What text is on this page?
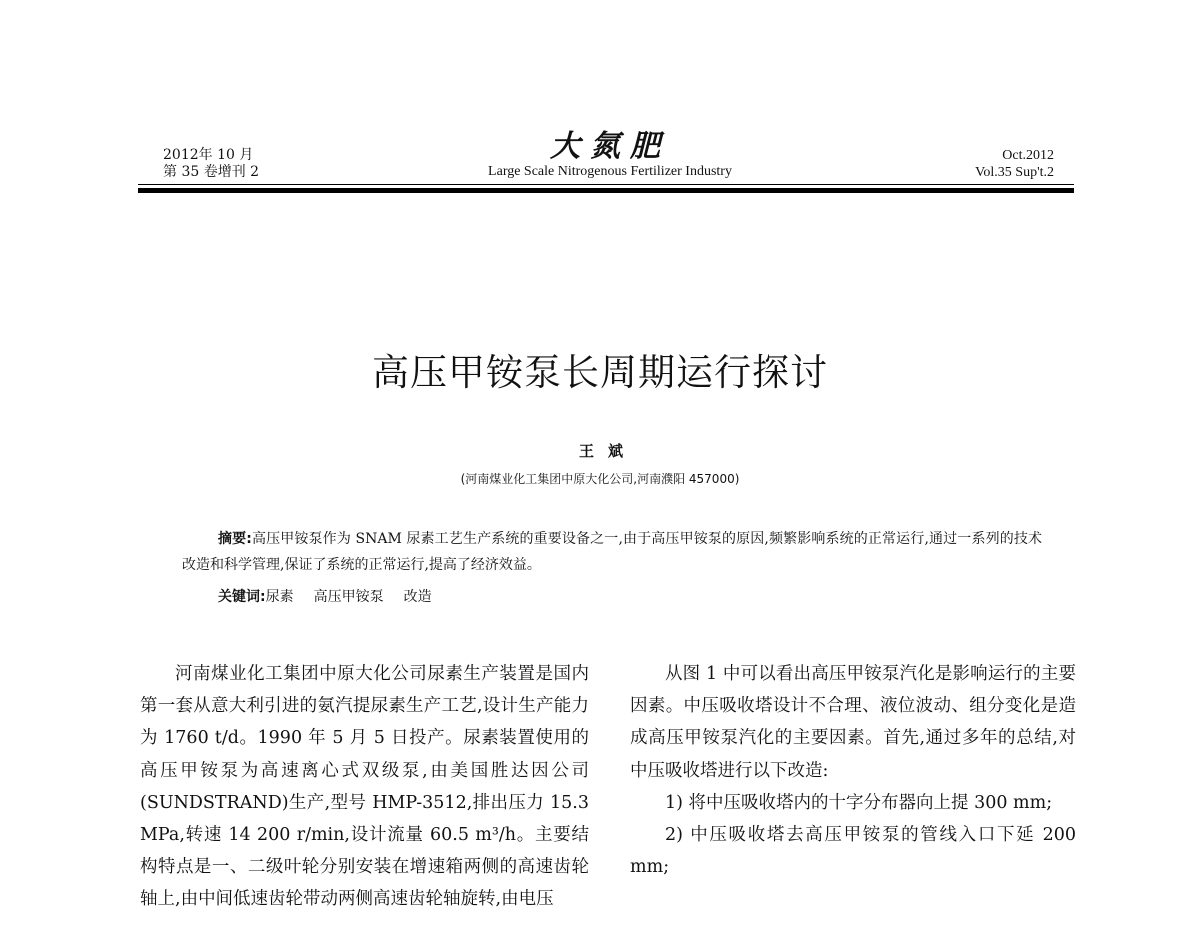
2012年 10 月
第 35 卷增刊 2
大氮肥
Large Scale Nitrogenous Fertilizer Industry
Oct.2012
Vol.35 Sup't.2
高压甲铵泵长周期运行探讨
王斌
(河南煤业化工集团中原大化公司,河南濮阳 457000)
摘要:高压甲铵泵作为 SNAM 尿素工艺生产系统的重要设备之一,由于高压甲铵泵的原因,频繁影响系统的正常运行,通过一系列的技术改造和科学管理,保证了系统的正常运行,提高了经济效益。
关键词:尿素 高压甲铵泵 改造

河南煤业化工集团中原大化公司尿素生产装置是国内第一套从意大利引进的氨汽提尿素生产工艺,设计生产能力为 1760 t/d。1990 年 5 月 5 日投产。尿素装置使用的高压甲铵泵为高速离心式双级泵,由美国胜达因公司(SUNDSTRAND)生产,型号 HMP-3512,排出压力 15.3 MPa,转速 14 200 r/min,设计流量 60.5 m³/h。主要结构特点是一、二级叶轮分别安装在增速箱两侧的高速齿轮轴上,由中间低速齿轮带动两侧高速齿轮轴旋转,由电压

从图 1 中可以看出高压甲铵泵汽化是影响运行的主要因素。中压吸收塔设计不合理、液位波动、组分变化是造成高压甲铵泵汽化的主要因素。首先,通过多年的总结,对中压吸收塔进行以下改造:

1) 将中压吸收塔内的十字分布器向上提 300 mm;

2) 中压吸收塔去高压甲铵泵的管线入口下延 200 mm;
